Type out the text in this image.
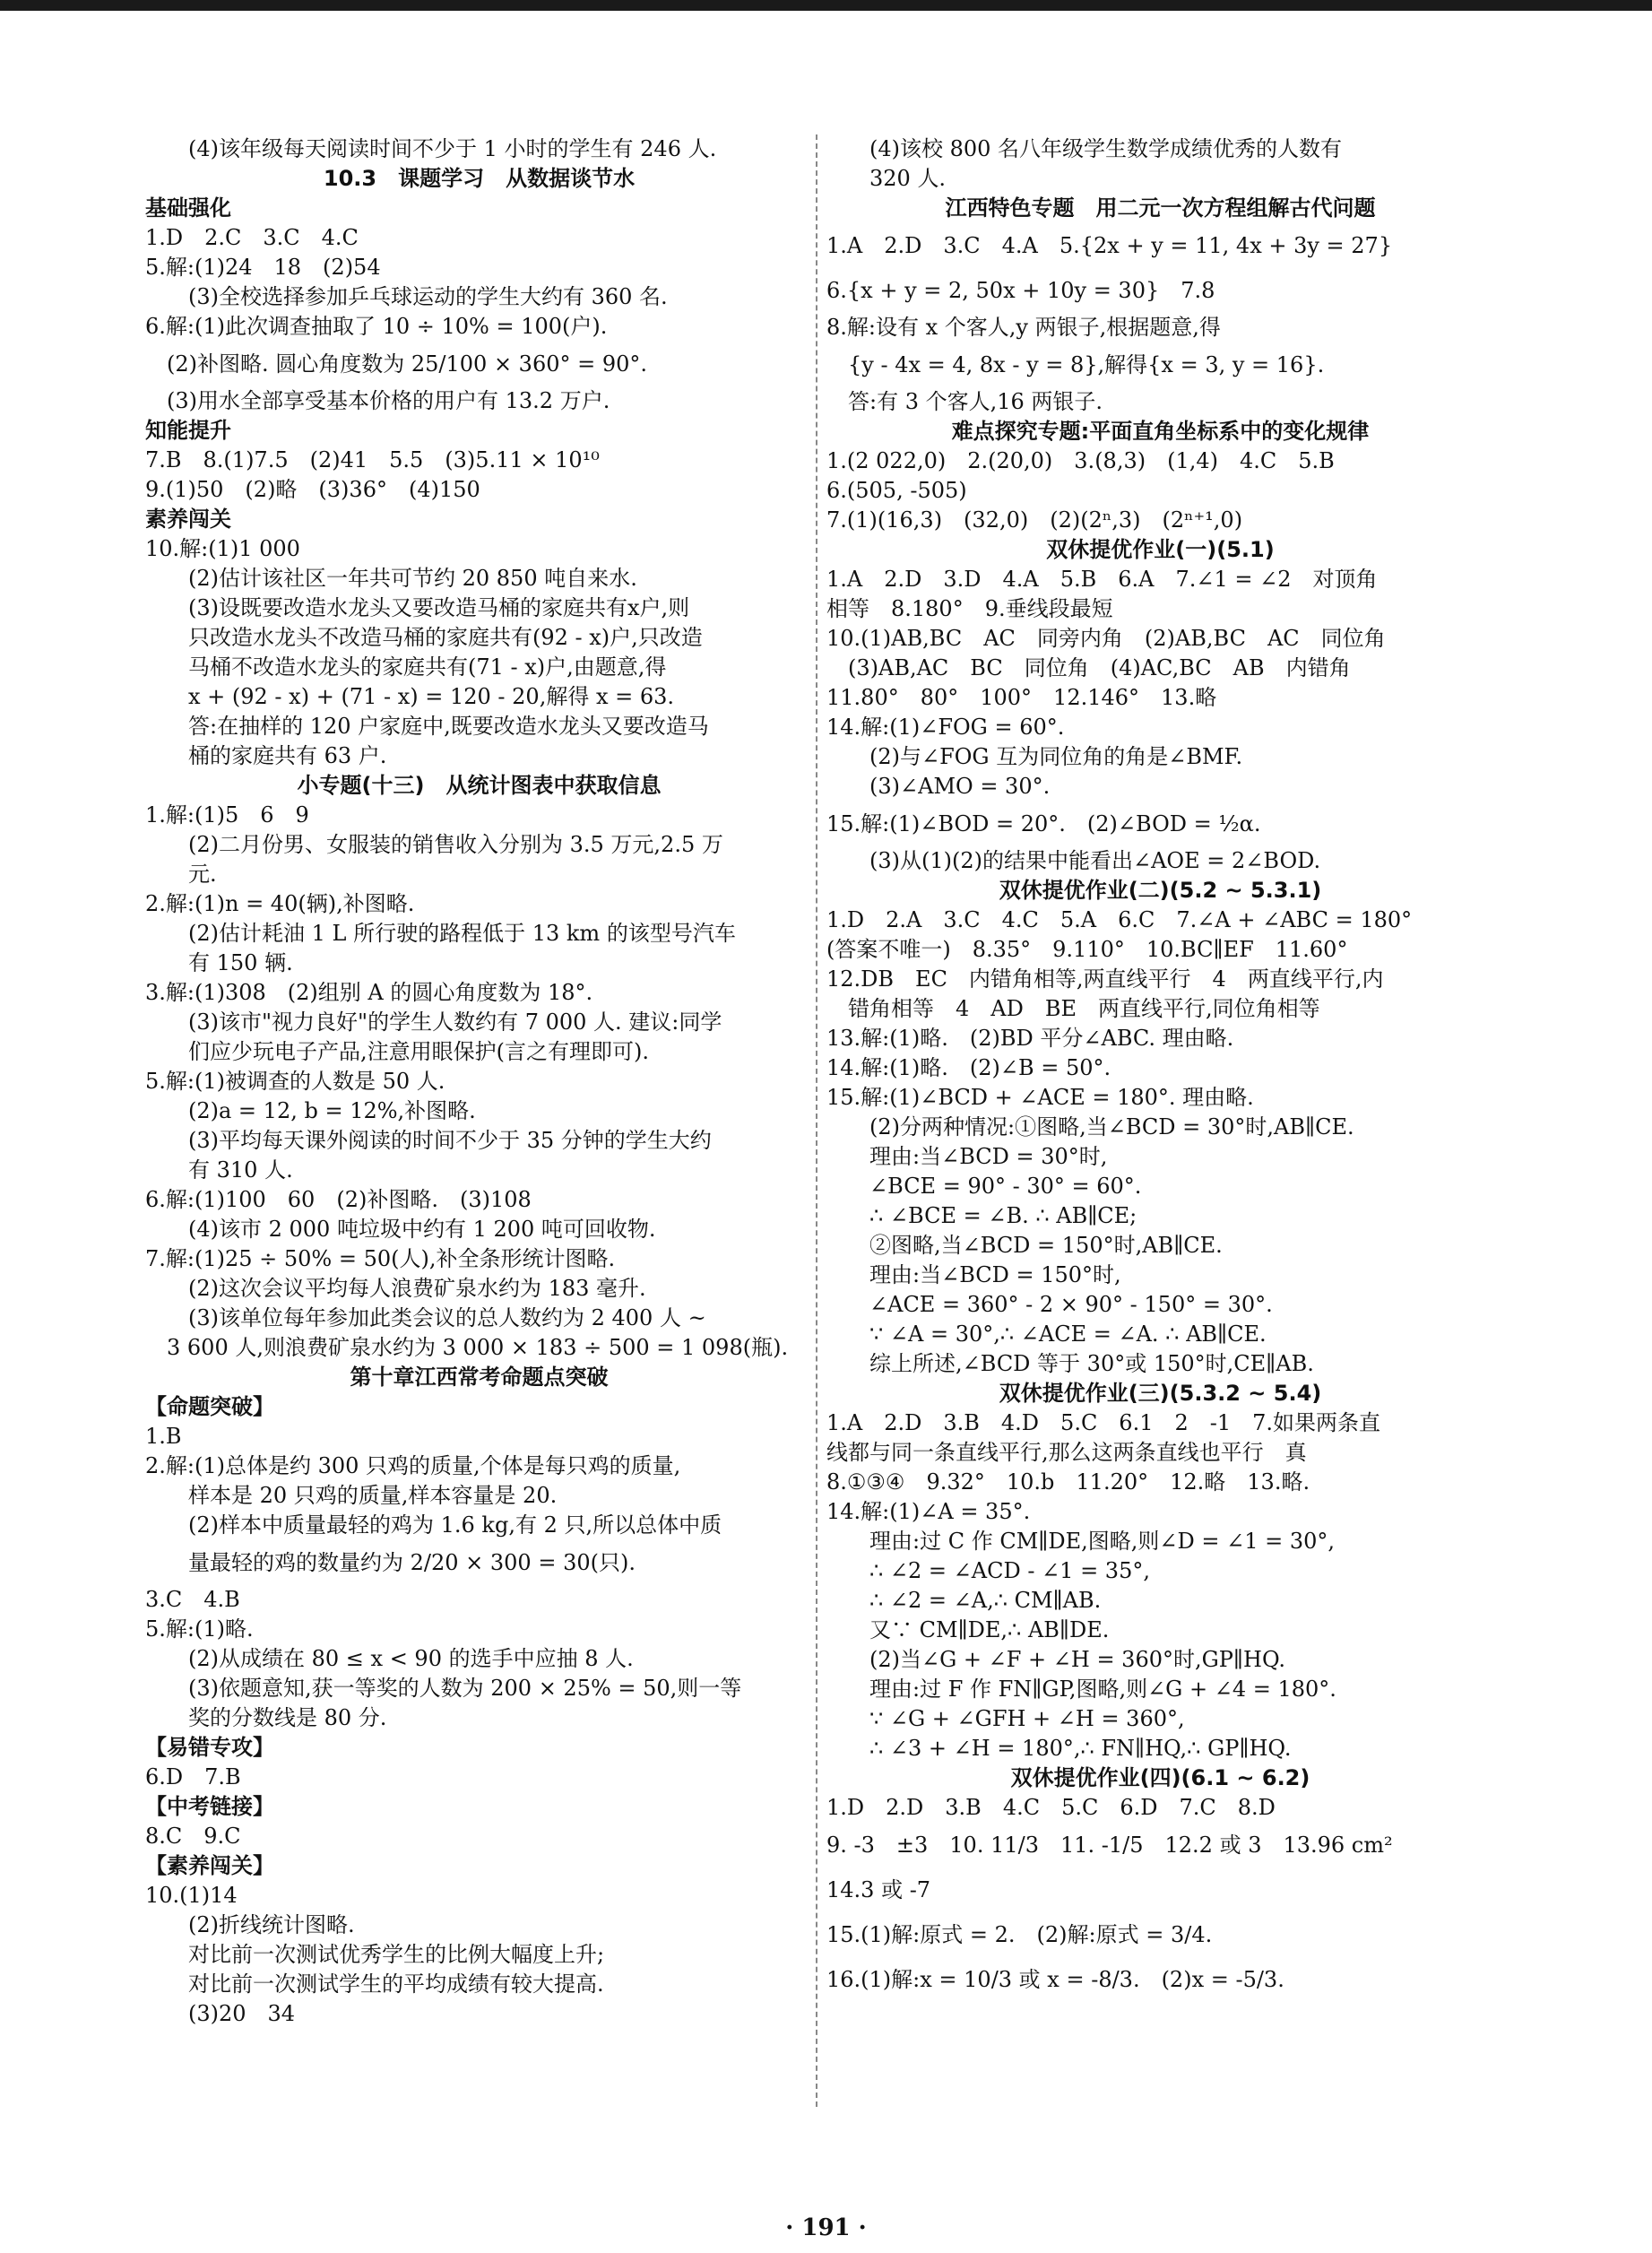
(4)该年级每天阅读时间不少于 1 小时的学生有 246 人.
10.3　课题学习　从数据谈节水
基础强化
1.D　2.C　3.C　4.C
5.解:(1)24　18　(2)54
(3)全校选择参加乒乓球运动的学生大约有 360 名.
6.解:(1)此次调查抽取了 10 ÷ 10% = 100(户).
(2)补图略. 圆心角度数为 25/100 × 360° = 90°.
(3)用水全部享受基本价格的用户有 13.2 万户.
知能提升
7.B　8.(1)7.5　(2)41　5.5　(3)5.11 × 10¹⁰
9.(1)50　(2)略　(3)36°　(4)150
素养闯关
10.解:(1)1 000
(2)估计该社区一年共可节约 20 850 吨自来水.
(3)设既要改造水龙头又要改造马桶的家庭共有x户,则
只改造水龙头不改造马桶的家庭共有(92 - x)户,只改造
马桶不改造水龙头的家庭共有(71 - x)户,由题意,得
x + (92 - x) + (71 - x) = 120 - 20,解得 x = 63.
答:在抽样的 120 户家庭中,既要改造水龙头又要改造马
桶的家庭共有 63 户.
小专题(十三)　从统计图表中获取信息
1.解:(1)5　6　9
(2)二月份男、女服装的销售收入分别为 3.5 万元,2.5 万
元.
2.解:(1)n = 40(辆),补图略.
(2)估计耗油 1 L 所行驶的路程低于 13 km 的该型号汽车
有 150 辆.
3.解:(1)308　(2)组别 A 的圆心角度数为 18°.
(3)该市"视力良好"的学生人数约有 7 000 人. 建议:同学
们应少玩电子产品,注意用眼保护(言之有理即可).
5.解:(1)被调查的人数是 50 人.
(2)a = 12, b = 12%,补图略.
(3)平均每天课外阅读的时间不少于 35 分钟的学生大约
有 310 人.
6.解:(1)100　60　(2)补图略.　(3)108
(4)该市 2 000 吨垃圾中约有 1 200 吨可回收物.
7.解:(1)25 ÷ 50% = 50(人),补全条形统计图略.
(2)这次会议平均每人浪费矿泉水约为 183 毫升.
(3)该单位每年参加此类会议的总人数约为 2 400 人 ~
3 600 人,则浪费矿泉水约为 3 000 × 183 ÷ 500 = 1 098(瓶).
第十章江西常考命题点突破
【命题突破】
1.B
2.解:(1)总体是约 300 只鸡的质量,个体是每只鸡的质量,
样本是 20 只鸡的质量,样本容量是 20.
(2)样本中质量最轻的鸡为 1.6 kg,有 2 只,所以总体中质
量最轻的鸡的数量约为 2/20 × 300 = 30(只).
3.C　4.B
5.解:(1)略.
(2)从成绩在 80 ≤ x < 90 的选手中应抽 8 人.
(3)依题意知,获一等奖的人数为 200 × 25% = 50,则一等
奖的分数线是 80 分.
【易错专攻】
6.D　7.B
【中考链接】
8.C　9.C
【素养闯关】
10.(1)14
(2)折线统计图略.
对比前一次测试优秀学生的比例大幅度上升;
对比前一次测试学生的平均成绩有较大提高.
(3)20　34
(4)该校 800 名八年级学生数学成绩优秀的人数有
320 人.
江西特色专题　用二元一次方程组解古代问题
1.A　2.D　3.C　4.A　5.{2x + y = 11, 4x + 3y = 27}
6.{x + y = 2, 50x + 10y = 30}　7.8
8.解:设有 x 个客人,y 两银子,根据题意,得
{y - 4x = 4, 8x - y = 8},解得{x = 3, y = 16}.
答:有 3 个客人,16 两银子.
难点探究专题:平面直角坐标系中的变化规律
1.(2 022,0)　2.(20,0)　3.(8,3)　(1,4)　4.C　5.B
6.(505, -505)
7.(1)(16,3)　(32,0)　(2)(2ⁿ,3)　(2ⁿ⁺¹,0)
双休提优作业(一)(5.1)
1.A　2.D　3.D　4.A　5.B　6.A　7.∠1 = ∠2　对顶角
相等　8.180°　9.垂线段最短
10.(1)AB,BC　AC　同旁内角　(2)AB,BC　AC　同位角
(3)AB,AC　BC　同位角　(4)AC,BC　AB　内错角
11.80°　80°　100°　12.146°　13.略
14.解:(1)∠FOG = 60°.
(2)与∠FOG 互为同位角的角是∠BMF.
(3)∠AMO = 30°.
15.解:(1)∠BOD = 20°.　(2)∠BOD = ½α.
(3)从(1)(2)的结果中能看出∠AOE = 2∠BOD.
双休提优作业(二)(5.2 ~ 5.3.1)
1.D　2.A　3.C　4.C　5.A　6.C　7.∠A + ∠ABC = 180°
(答案不唯一)　8.35°　9.110°　10.BC∥EF　11.60°
12.DB　EC　内错角相等,两直线平行　4　两直线平行,内
错角相等　4　AD　BE　两直线平行,同位角相等
13.解:(1)略.　(2)BD 平分∠ABC. 理由略.
14.解:(1)略.　(2)∠B = 50°.
15.解:(1)∠BCD + ∠ACE = 180°. 理由略.
(2)分两种情况:①图略,当∠BCD = 30°时,AB∥CE.
理由:当∠BCD = 30°时,
∠BCE = 90° - 30° = 60°.
∴ ∠BCE = ∠B. ∴ AB∥CE;
②图略,当∠BCD = 150°时,AB∥CE.
理由:当∠BCD = 150°时,
∠ACE = 360° - 2 × 90° - 150° = 30°.
∵ ∠A = 30°,∴ ∠ACE = ∠A. ∴ AB∥CE.
综上所述,∠BCD 等于 30°或 150°时,CE∥AB.
双休提优作业(三)(5.3.2 ~ 5.4)
1.A　2.D　3.B　4.D　5.C　6.1　2　-1　7.如果两条直
线都与同一条直线平行,那么这两条直线也平行　真
8.①③④　9.32°　10.b　11.20°　12.略　13.略.
14.解:(1)∠A = 35°.
理由:过 C 作 CM∥DE,图略,则∠D = ∠1 = 30°,
∴ ∠2 = ∠ACD - ∠1 = 35°,
∴ ∠2 = ∠A,∴ CM∥AB.
又∵ CM∥DE,∴ AB∥DE.
(2)当∠G + ∠F + ∠H = 360°时,GP∥HQ.
理由:过 F 作 FN∥GP,图略,则∠G + ∠4 = 180°.
∵ ∠G + ∠GFH + ∠H = 360°,
∴ ∠3 + ∠H = 180°,∴ FN∥HQ,∴ GP∥HQ.
双休提优作业(四)(6.1 ~ 6.2)
1.D　2.D　3.B　4.C　5.C　6.D　7.C　8.D
9. -3　±3　10. 11/3　11. -1/5　12.2 或 3　13.96 cm²
14.3 或 -7
15.(1)解:原式 = 2.　(2)解:原式 = 3/4.
16.(1)解:x = 10/3 或 x = -8/3.　(2)x = -5/3.
· 191 ·
